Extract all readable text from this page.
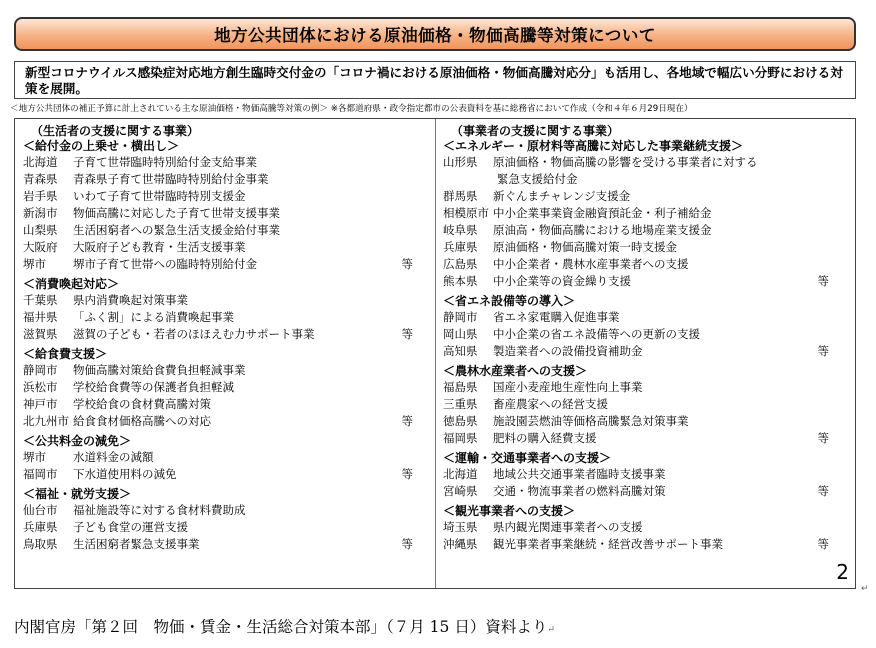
地方公共団体における原油価格・物価高騰等対策について
新型コロナウイルス感染症対応地方創生臨時交付金の「コロナ禍における原油価格・物価高騰対応分」も活用し、各地域で幅広い分野における対策を展開。
＜地方公共団体の補正予算に計上されている主な原油価格・物価高騰等対策の例＞ ※各都道府県・政令指定都市の公表資料を基に総務省において作成（令和４年６月29日現在）
（生活者の支援に関する事業）
＜給付金の上乗せ・横出し＞
北海道 子育て世帯臨時特別給付金支給事業
青森県 青森県子育て世帯臨時特別給付金事業
岩手県 いわて子育て世帯臨時特別支援金
新潟市 物価高騰に対応した子育て世帯支援事業
山梨県 生活困窮者への緊急生活支援金給付事業
大阪府 大阪府子ども教育・生活支援事業
堺市 堺市子育て世帯への臨時特別給付金	等
＜消費喚起対応＞
千葉県 県内消費喚起対策事業
福井県 「ふく割」による消費喚起事業
滋賀県 滋賀の子ども・若者のほほえむ力サポート事業	等
＜給食費支援＞
静岡市 物価高騰対策給食費負担軽減事業
浜松市 学校給食費等の保護者負担軽減
神戸市 学校給食の食材費高騰対策
北九州市 給食食材価格高騰への対応	等
＜公共料金の減免＞
堺市 水道料金の減額
福岡市 下水道使用料の減免	等
＜福祉・就労支援＞
仙台市 福祉施設等に対する食材料費助成
兵庫県 子ども食堂の運営支援
鳥取県 生活困窮者緊急支援事業	等
（事業者の支援に関する事業）
＜エネルギー・原材料等高騰に対応した事業継続支援＞
山形県 原油価格・物価高騰の影響を受ける事業者に対する
緊急支援給付金
群馬県 新ぐんまチャレンジ支援金
相模原市 中小企業事業資金融資預託金・利子補給金
岐阜県 原油高・物価高騰における地場産業支援金
兵庫県 原油価格・物価高騰対策一時支援金
広島県 中小企業者・農林水産事業者への支援
熊本県 中小企業等の資金繰り支援	等
＜省エネ設備等の導入＞
静岡市 省エネ家電購入促進事業
岡山県 中小企業の省エネ設備等への更新の支援
高知県 製造業者への設備投資補助金	等
＜農林水産業者への支援＞
福島県 国産小麦産地生産性向上事業
三重県 畜産農家への経営支援
徳島県 施設園芸燃油等価格高騰緊急対策事業
福岡県 肥料の購入経費支援	等
＜運輸・交通事業者への支援＞
北海道 地域公共交通事業者臨時支援事業
宮崎県 交通・物流事業者の燃料高騰対策	等
＜観光事業者への支援＞
埼玉県 県内観光関連事業者への支援
沖縄県 観光事業者事業継続・経営改善サポート事業	等
2
↵
内閣官房「第２回　物価・賃金・生活総合対策本部」（７月 15 日）資料より↵
